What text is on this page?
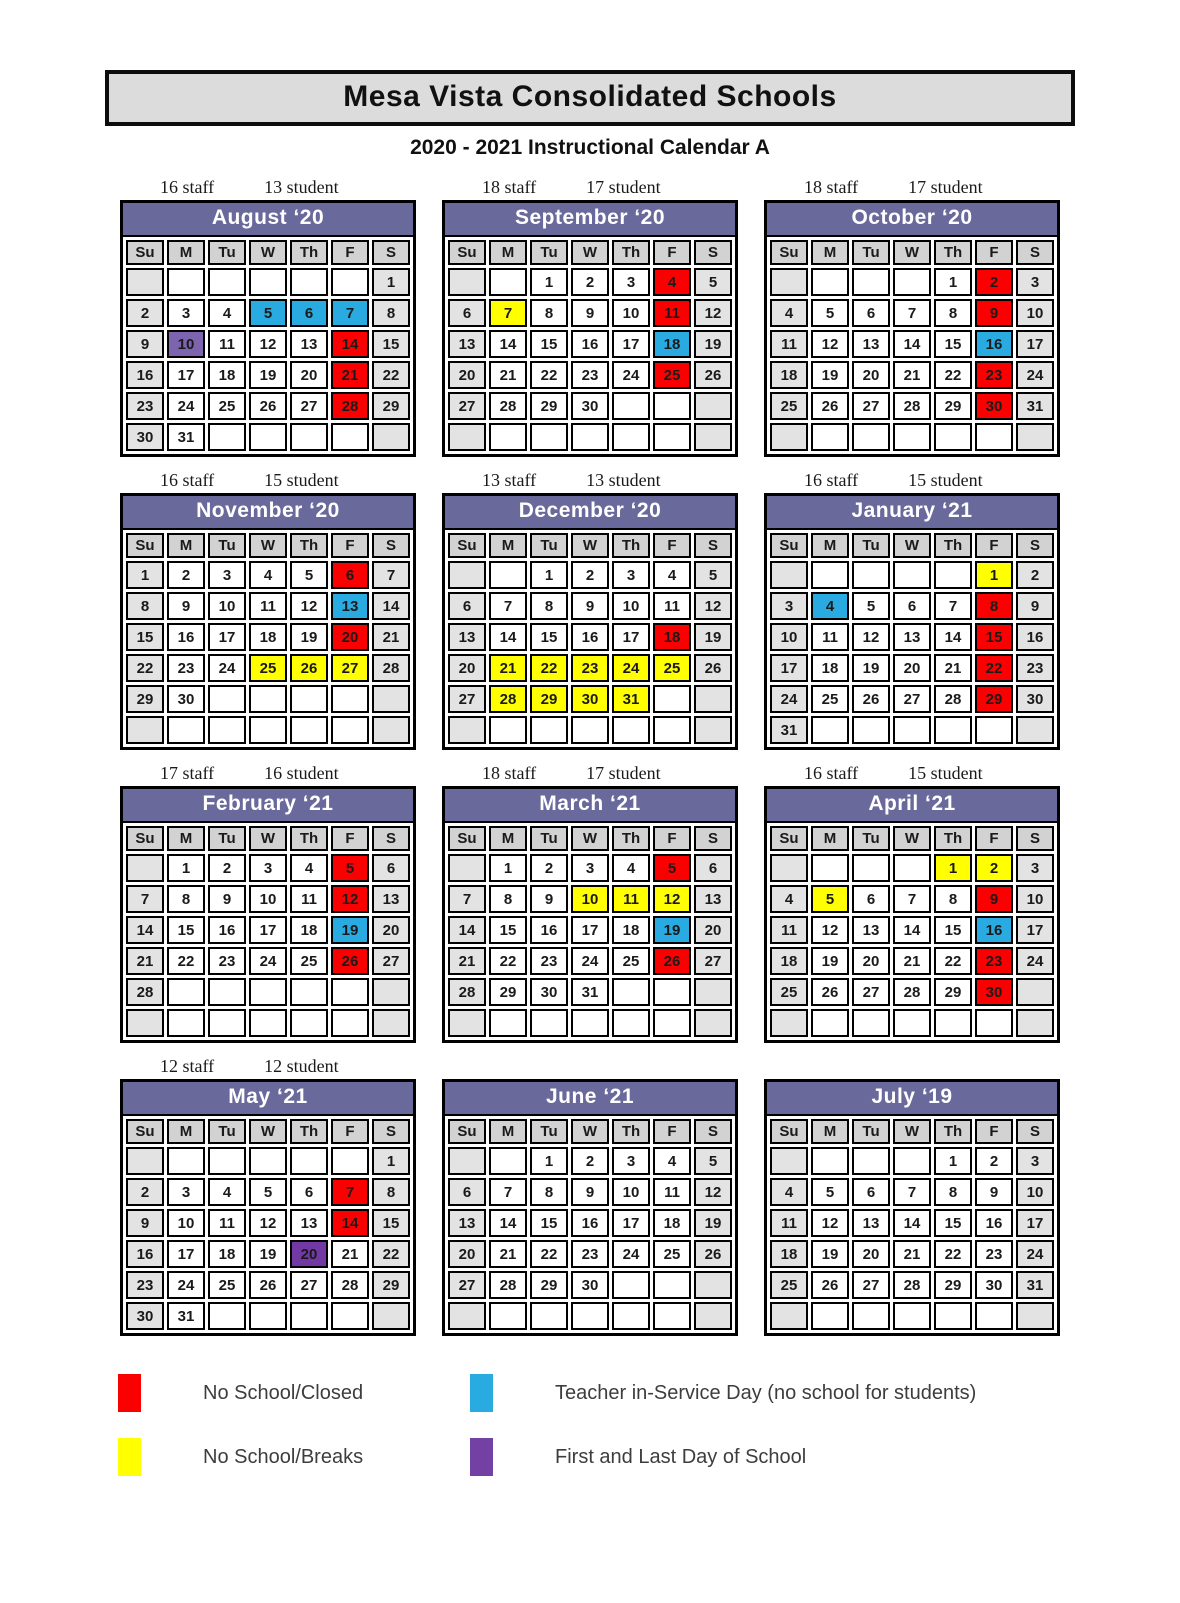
Mesa Vista Consolidated Schools
2020 - 2021 Instructional Calendar A
16 staff	13 student
August ‘20
Su	M	Tu	W	Th	F	S
						1
2	3	4	5	6	7	8
9	10	11	12	13	14	15
16	17	18	19	20	21	22
23	24	25	26	27	28	29
30	31					
18 staff	17 student
September ‘20
Su	M	Tu	W	Th	F	S
		1	2	3	4	5
6	7	8	9	10	11	12
13	14	15	16	17	18	19
20	21	22	23	24	25	26
27	28	29	30			

18 staff	17 student
October ‘20
Su	M	Tu	W	Th	F	S
				1	2	3
4	5	6	7	8	9	10
11	12	13	14	15	16	17
18	19	20	21	22	23	24
25	26	27	28	29	30	31

16 staff	15 student
November ‘20
Su	M	Tu	W	Th	F	S
1	2	3	4	5	6	7
8	9	10	11	12	13	14
15	16	17	18	19	20	21
22	23	24	25	26	27	28
29	30					

13 staff	13 student
December ‘20
Su	M	Tu	W	Th	F	S
		1	2	3	4	5
6	7	8	9	10	11	12
13	14	15	16	17	18	19
20	21	22	23	24	25	26
27	28	29	30	31		

16 staff	15 student
January ‘21
Su	M	Tu	W	Th	F	S
					1	2
3	4	5	6	7	8	9
10	11	12	13	14	15	16
17	18	19	20	21	22	23
24	25	26	27	28	29	30
31						
17 staff	16 student
February ‘21
Su	M	Tu	W	Th	F	S
	1	2	3	4	5	6
7	8	9	10	11	12	13
14	15	16	17	18	19	20
21	22	23	24	25	26	27
28						

18 staff	17 student
March ‘21
Su	M	Tu	W	Th	F	S
	1	2	3	4	5	6
7	8	9	10	11	12	13
14	15	16	17	18	19	20
21	22	23	24	25	26	27
28	29	30	31			

16 staff	15 student
April ‘21
Su	M	Tu	W	Th	F	S
				1	2	3
4	5	6	7	8	9	10
11	12	13	14	15	16	17
18	19	20	21	22	23	24
25	26	27	28	29	30	

12 staff	12 student
May ‘21
Su	M	Tu	W	Th	F	S
						1
2	3	4	5	6	7	8
9	10	11	12	13	14	15
16	17	18	19	20	21	22
23	24	25	26	27	28	29
30	31					
June ‘21
Su	M	Tu	W	Th	F	S
		1	2	3	4	5
6	7	8	9	10	11	12
13	14	15	16	17	18	19
20	21	22	23	24	25	26
27	28	29	30			

July ‘19
Su	M	Tu	W	Th	F	S
				1	2	3
4	5	6	7	8	9	10
11	12	13	14	15	16	17
18	19	20	21	22	23	24
25	26	27	28	29	30	31

No School/Closed	Teacher in-Service Day (no school for students)
No School/Breaks	First and Last Day of School
